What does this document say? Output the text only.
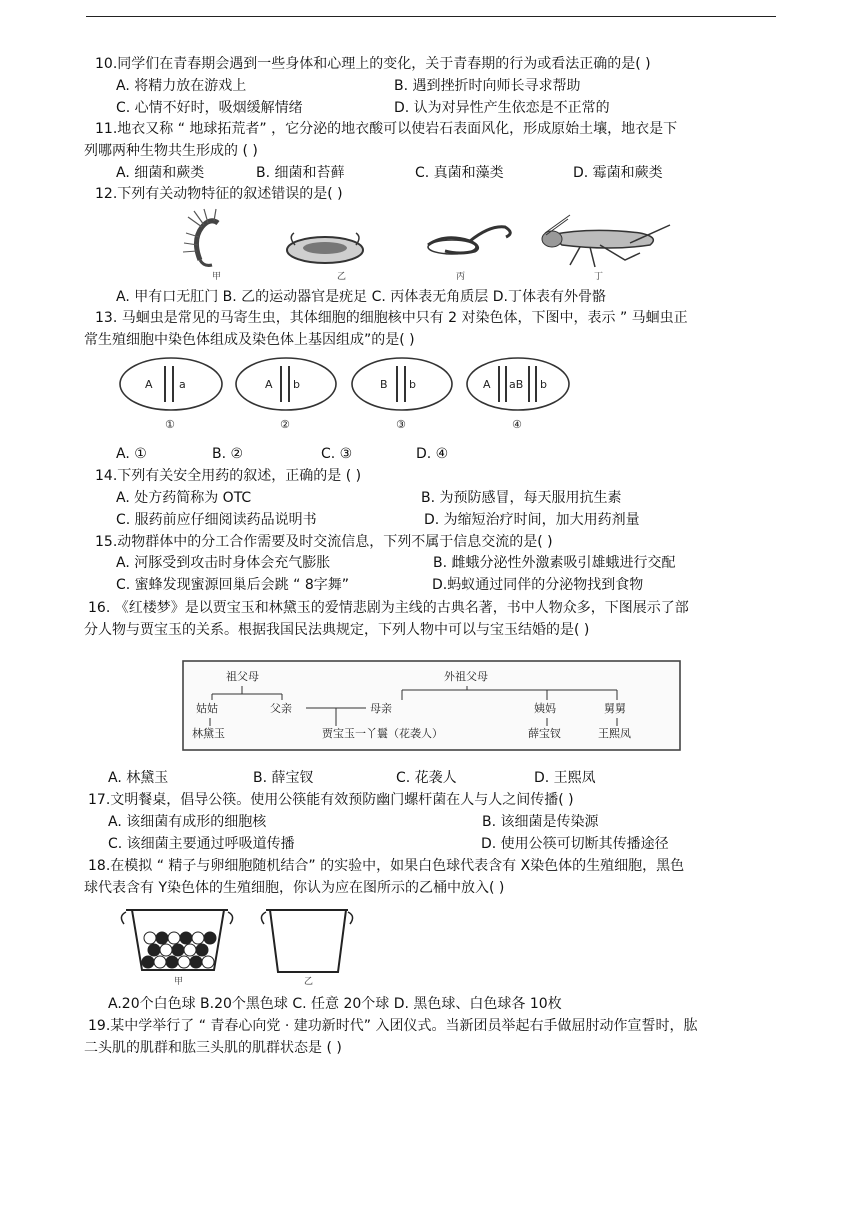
10.同学们在青春期会遇到一些身体和心理上的变化，关于青春期的行为或看法正确的是( )
A. 将精力放在游戏上	B. 遇到挫折时向师长寻求帮助
C. 心情不好时，吸烟缓解情绪	D. 认为对异性产生依恋是不正常的
11.地衣又称 “ 地球拓荒者” ，它分泌的地衣酸可以使岩石表面风化，形成原始土壤，地衣是下
列哪两种生物共生形成的 ( )
A. 细菌和蕨类	B. 细菌和苔藓	C. 真菌和藻类	D. 霉菌和蕨类
12.下列有关动物特征的叙述错误的是( )
甲	乙	丙	丁
A. 甲有口无肛门 B. 乙的运动器官是疣足 C. 丙体表无角质层 D.丁体表有外骨骼
13. 马蛔虫是常见的马寄生虫，其体细胞的细胞核中只有 2 对染色体，下图中，表示 ” 马蛔虫正
常生殖细胞中染色体组成及染色体上基因组成”的是( )
A a
①
A b
②
B b
③
A aB b
④
A. ①	B. ②	C. ③	D. ④
14.下列有关安全用药的叙述，正确的是 ( )
A. 处方药简称为 OTC	B. 为预防感冒，每天服用抗生素
C. 服药前应仔细阅读药品说明书	D. 为缩短治疗时间，加大用药剂量
15.动物群体中的分工合作需要及时交流信息，下列不属于信息交流的是( )
A. 河豚受到攻击时身体会充气膨胀	B. 雌蛾分泌性外激素吸引雄蛾进行交配
C. 蜜蜂发现蜜源回巢后会跳 “ 8字舞”	D.蚂蚁通过同伴的分泌物找到食物
16. 《红楼梦》是以贾宝玉和林黛玉的爱情悲剧为主线的古典名著，书中人物众多，下图展示了部
分人物与贾宝玉的关系。根据我国民法典规定，下列人物中可以与宝玉结婚的是( )
祖父母
姑姑	父亲
林黛玉
母亲
贾宝玉一丫鬟（花袭人）
外祖父母
姨妈	舅舅
薛宝钗	王熙凤
A. 林黛玉	B. 薛宝钗	C. 花袭人	D. 王熙凤
17.文明餐桌，倡导公筷。使用公筷能有效预防幽门螺杆菌在人与人之间传播( )
A. 该细菌有成形的细胞核	B. 该细菌是传染源
C. 该细菌主要通过呼吸道传播	D. 使用公筷可切断其传播途径
18.在模拟 “ 精子与卵细胞随机结合” 的实验中，如果白色球代表含有 X染色体的生殖细胞，黑色
球代表含有 Y染色体的生殖细胞，你认为应在图所示的乙桶中放入( )
甲	乙
A.20个白色球 B.20个黑色球 C. 任意 20个球 D. 黑色球、白色球各 10枚
19.某中学举行了 “ 青春心向党 · 建功新时代” 入团仪式。当新团员举起右手做屈肘动作宣誓时，肱
二头肌的肌群和肱三头肌的肌群状态是 ( )
